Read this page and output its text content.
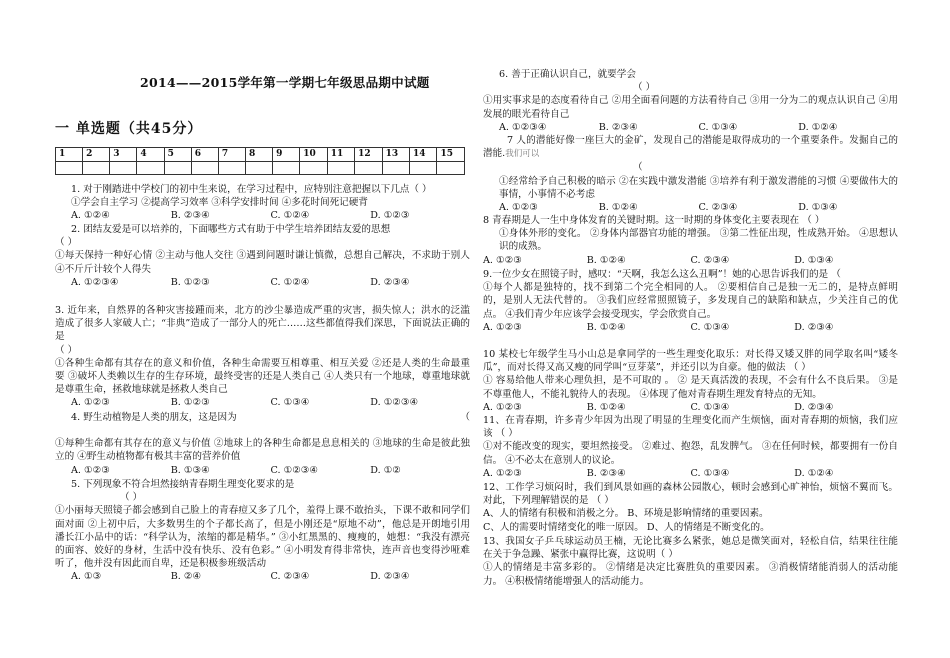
2014——2015学年第一学期七年级思品期中试题
一 单选题（共45分）
1	2	3	4	5	6	7	8	9	10	11	12	13	14	15

1. 对于刚踏进中学校门的初中生来说，在学习过程中，应特别注意把握以下几点（ ）

①学会自主学习 ②提高学习效率 ③科学安排时间 ④多花时间死记硬背

A. ①②④	B. ②③④	C. ①②④	D. ①②③

2. 团结友爱是可以培养的，下面哪些方式有助于中学生培养团结友爱的思想

（ ）

①每天保持一种好心情 ②主动与他人交往 ③遇到问题时谦让慎微，总想自己解决，不求助于别人 ④不斤斤计较个人得失

A. ①②③④	B. ①②③	C. ①②④	D. ②③④

3. 近年来，自然界的各种灾害接踵而来，北方的沙尘暴造成严重的灾害，损失惊人；洪水的泛滥造成了很多人家破人亡；“非典”造成了一部分人的死亡……这些都值得我们深思，下面说法正确的是

（ ）

①各种生命都有其存在的意义和价值，各种生命需要互相尊重、相互关爱 ②还是人类的生命最重要 ③破坏人类赖以生存的生存环境，最终受害的还是人类自己 ④人类只有一个地球，尊重地球就是尊重生命，拯救地球就是拯救人类自己

A. ①②③	B. ①②③	C. ①③④	D. ①②③④

4. 野生动植物是人类的朋友，这是因为	（

①每种生命都有其存在的意义与价值 ②地球上的各种生命都是息息相关的 ③地球的生命是彼此独立的 ④野生动植物都有极其丰富的营养价值

A. ①②③	B. ①③④	C. ①②③④	D. ①②

5. 下列现象不符合坦然接纳青春期生理变化要求的是

（ ）

①小丽每天照镜子都会感到自己脸上的青春痘又多了几个，羞得上课不敢抬头，下课不敢和同学们面对面 ②上初中后，大多数男生的个子都长高了，但是小刚还是“原地不动”，他总是开朗地引用潘长江小品中的话：“科学认为，浓缩的都是精华。” ③小红黑黑的、瘦瘦的，她想：“我没有漂亮的面容、姣好的身材，生活中没有快乐、没有色彩。” ④小明发育得非常快，连声音也变得沙哑难听了，他并没有因此而自卑，还是积极参班级活动

A. ①③	B. ②④	C. ②③④	D. ②③④

6. 善于正确认识自己，就要学会

（ ）

①用实事求是的态度看待自己 ②用全面看问题的方法看待自己 ③用一分为二的观点认识自己 ④用发展的眼光看待自己

A. ①②③④	B. ②③④	C. ①③④	D. ①②④

7 人的潜能好像一座巨大的金矿，发现自己的潜能是取得成功的一个重要条件。发掘自己的潜能.我们可以

（

①经常给予自己积极的暗示 ②在实践中激发潜能 ③培养有利于激发潜能的习惯 ④要做伟大的事情，小事情不必考虑

A. ①②③	B. ①②④	C. ②③④	D. ①③④

8 青春期是人一生中身体发育的关键时期。这一时期的身体变化主要表现在 （ ）

①身体外形的变化。 ②身体内部器官功能的增强。 ③第二性征出现，性成熟开始。 ④思想认识的成熟。

A. ①②③	B. ①②④	C. ②③④	D. ①③④

9.一位少女在照镜子时，感叹：“天啊，我怎么这么丑啊”！她的心思告诉我们的是 （

①每个人都是独特的，找不到第二个完全相同的人。 ②要相信自己是独一无二的，是特点鲜明的，是别人无法代替的。 ③我们应经常照照镜子，多发现自己的缺陷和缺点，少关注自己的优点。 ④我们青少年应该学会接受现实，学会欣赏自己。

A. ①②③	B. ①②④	C. ①③④	D. ②③④

10 某校七年级学生马小山总是拿同学的一些生理变化取乐：对长得又矮又胖的同学取名叫“矮冬瓜”，而对长得又高又瘦的同学叫“豆芽菜”，并还引以为自豪。他的做法 （ ）

① 容易给他人带来心理负担，是不可取的 。 ② 是天真活泼的表现，不会有什么不良后果。 ③是不尊重他人，不能礼貌待人的表现。 ④体现了他对青春期生理发育特点的无知。

A. ①②③	B. ①②④	C. ①③④	D. ②③④

11、在青春期，许多青少年因为出现了明显的生理变化而产生烦恼，面对青春期的烦恼，我们应该 （ ）

①对不能改变的现实，要坦然接受。 ②难过、抱怨，乱发脾气。 ③在任何时候，都要拥有一份自信。 ④不必太在意别人的议论。

A. ①②③	B. ②③④	C. ①③④	D. ①②④

12、工作学习烦闷时，我们到风景如画的森林公园散心，顿时会感到心旷神怡，烦恼不翼而飞。对此，下列理解错误的是 （ ）

A、人的情绪有积极和消极之分。 B、环境是影响情绪的重要因素。

C、人的需要时情绪变化的唯一原因。 D、人的情绪是不断变化的。

13、我国女子乒乓球运动员王楠，无论比赛多么紧张，她总是微笑面对，轻松自信，结果往往能在关于争急躁、紧张中赢得比赛，这说明（ ）

①人的情绪是丰富多彩的。 ②情绪是决定比赛胜负的重要因素。 ③消极情绪能消弱人的活动能力。 ④积极情绪能增强人的活动能力。
